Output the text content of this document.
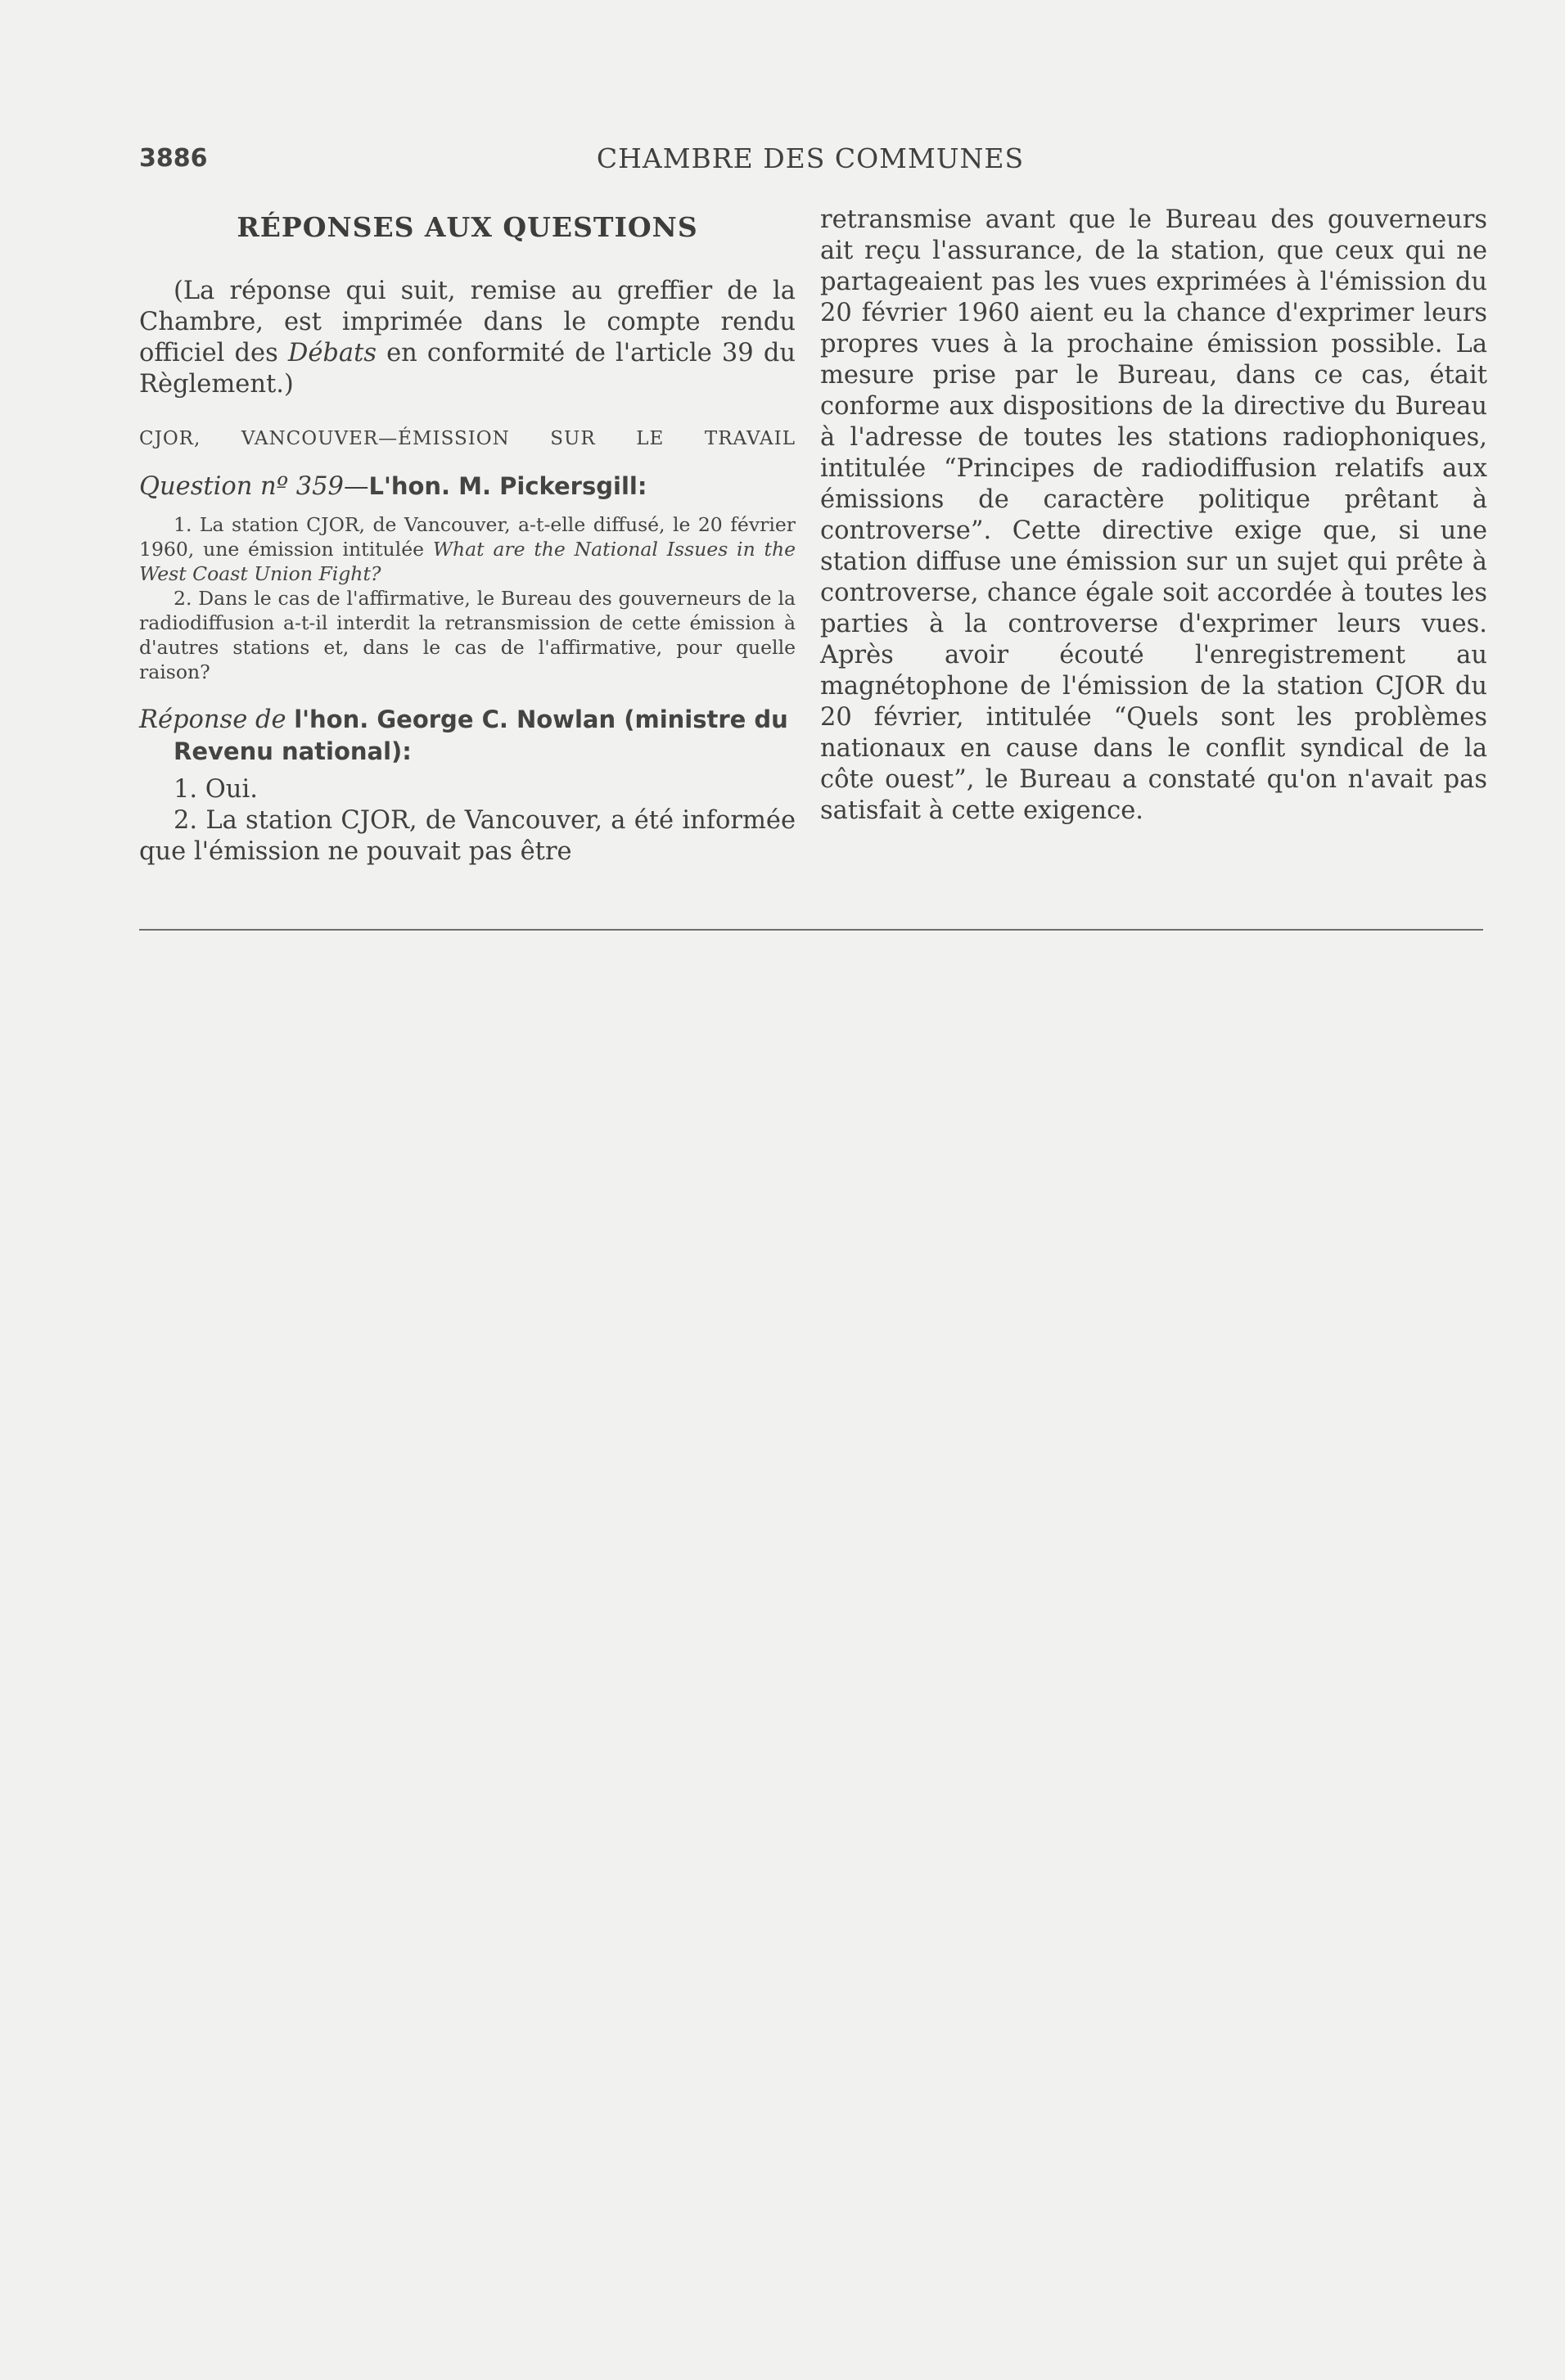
3886	CHAMBRE DES COMMUNES
RÉPONSES AUX QUESTIONS

(La réponse qui suit, remise au greffier de la Chambre, est imprimée dans le compte rendu officiel des Débats en conformité de l'article 39 du Règlement.)

CJOR, VANCOUVER—ÉMISSION SUR LE TRAVAIL

Question nº 359—L'hon. M. Pickersgill:

1. La station CJOR, de Vancouver, a-t-elle diffusé, le 20 février 1960, une émission intitulée What are the National Issues in the West Coast Union Fight?

2. Dans le cas de l'affirmative, le Bureau des gouverneurs de la radiodiffusion a-t-il interdit la retransmission de cette émission à d'autres stations et, dans le cas de l'affirmative, pour quelle raison?

Réponse de l'hon. George C. Nowlan (ministre du Revenu national):

1. Oui.

2. La station CJOR, de Vancouver, a été informée que l'émission ne pouvait pas être

retransmise avant que le Bureau des gouverneurs ait reçu l'assurance, de la station, que ceux qui ne partageaient pas les vues exprimées à l'émission du 20 février 1960 aient eu la chance d'exprimer leurs propres vues à la prochaine émission possible. La mesure prise par le Bureau, dans ce cas, était conforme aux dispositions de la directive du Bureau à l'adresse de toutes les stations radiophoniques, intitulée “Principes de radiodiffusion relatifs aux émissions de caractère politique prêtant à controverse”. Cette directive exige que, si une station diffuse une émission sur un sujet qui prête à controverse, chance égale soit accordée à toutes les parties à la controverse d'exprimer leurs vues. Après avoir écouté l'enregistrement au magnétophone de l'émission de la station CJOR du 20 février, intitulée “Quels sont les problèmes nationaux en cause dans le conflit syndical de la côte ouest”, le Bureau a constaté qu'on n'avait pas satisfait à cette exigence.
